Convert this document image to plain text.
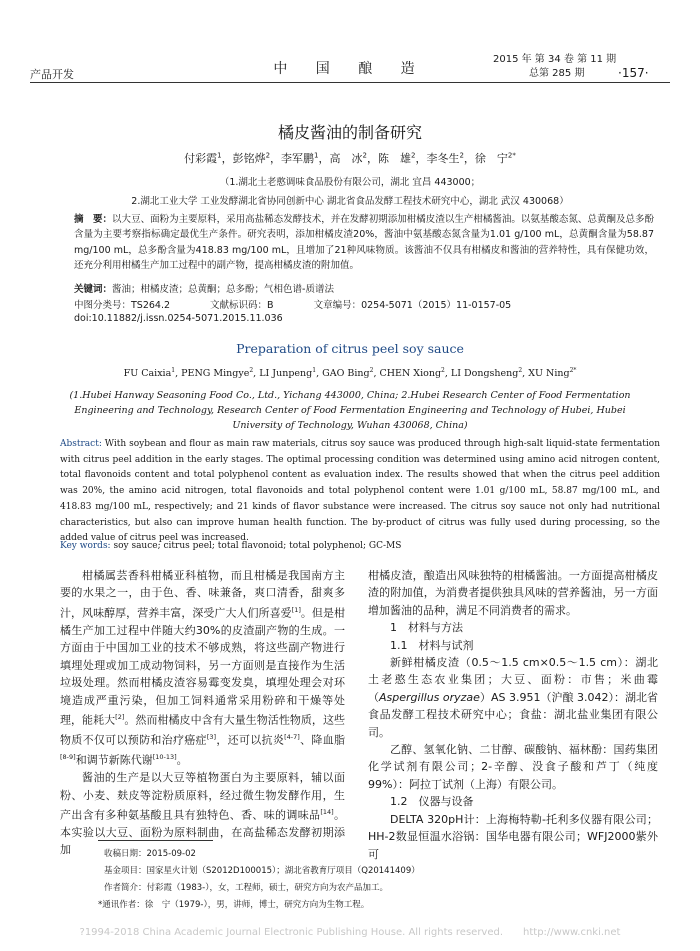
产品开发	中 国 酿 造
2015 年 第 34 卷 第 11 期
总第 285 期	·157·
橘皮酱油的制备研究
付彩霞$^1$，彭铭烨$^2$，李军鹏$^1$，高　冰$^2$，陈　雄$^2$，李冬生$^2$，徐　宁$^{2*}$
（1.湖北土老憨调味食品股份有限公司，湖北 宜昌 443000；
2.湖北工业大学 工业发酵湖北省协同创新中心 湖北省食品发酵工程技术研究中心，湖北 武汉 430068）
摘　要：以大豆、面粉为主要原料，采用高盐稀态发酵技术，并在发酵初期添加柑橘皮渣以生产柑橘酱油。以氨基酸态氮、总黄酮及总多酚含量为主要考察指标确定最优生产条件。研究表明，添加柑橘皮渣20%，酱油中氨基酸态氮含量为1.01 g/100 mL，总黄酮含量为58.87 mg/100 mL，总多酚含量为418.83 mg/100 mL，且增加了21种风味物质。该酱油不仅具有柑橘皮和酱油的营养特性，具有保健功效，还充分利用柑橘生产加工过程中的副产物，提高柑橘皮渣的附加值。
关键词：酱油；柑橘皮渣；总黄酮；总多酚；气相色谱-质谱法
中图分类号：TS264.2	文献标识码：B	文章编号：0254-5071（2015）11-0157-05
doi:10.11882/j.issn.0254-5071.2015.11.036
Preparation of citrus peel soy sauce
FU Caixia$^1$, PENG Mingye$^2$, LI Junpeng$^1$, GAO Bing$^2$, CHEN Xiong$^2$, LI Dongsheng$^2$, XU Ning$^{2*}$
(1.Hubei Hanway Seasoning Food Co., Ltd., Yichang 443000, China; 2.Hubei Research Center of Food Fermentation Engineering and Technology, Research Center of Food Fermentation Engineering and Technology of Hubei, Hubei University of Technology, Wuhan 430068, China)
Abstract: With soybean and flour as main raw materials, citrus soy sauce was produced through high-salt liquid-state fermentation with citrus peel addition in the early stages. The optimal processing condition was determined using amino acid nitrogen content, total flavonoids content and total polyphenol content as evaluation index. The results showed that when the citrus peel addition was 20%, the amino acid nitrogen, total flavonoids and total polyphenol content were 1.01 g/100 mL, 58.87 mg/100 mL, and 418.83 mg/100 mL, respectively; and 21 kinds of flavor substance were increased. The citrus soy sauce not only had nutritional characteristics, but also can improve human health function. The by-product of citrus was fully used during processing, so the added value of citrus peel was increased.
Key words: soy sauce; citrus peel; total flavonoid; total polyphenol; GC-MS

柑橘属芸香科柑橘亚科植物，而且柑橘是我国南方主要的水果之一，由于色、香、味兼备，爽口清香，甜爽多汁，风味醇厚，营养丰富，深受广大人们所喜爱[1]。但是柑橘生产加工过程中伴随大约30%的皮渣副产物的生成。一方面由于中国加工业的技术不够成熟，将这些副产物进行填埋处理或加工成动物饲料，另一方面则是直接作为生活垃圾处理。然而柑橘皮渣容易霉变发臭，填埋处理会对环境造成严重污染，但加工饲料通常采用粉碎和干燥等处理，能耗大[2]。然而柑橘皮中含有大量生物活性物质，这些物质不仅可以预防和治疗癌症[3]，还可以抗炎[4-7]、降血脂[8-9]和调节新陈代谢[10-13]。

酱油的生产是以大豆等植物蛋白为主要原料，辅以面粉、小麦、麸皮等淀粉质原料，经过微生物发酵作用，生产出含有多种氨基酸且具有独特色、香、味的调味品[14]。本实验以大豆、面粉为原料制曲，在高盐稀态发酵初期添加

柑橘皮渣，酿造出风味独特的柑橘酱油。一方面提高柑橘皮渣的附加值，为消费者提供独具风味的营养酱油，另一方面增加酱油的品种，满足不同消费者的需求。

1　材料与方法

1.1　材料与试剂

新鲜柑橘皮渣（0.5～1.5 cm×0.5～1.5 cm）：湖北土老憨生态农业集团；大豆、面粉：市售；米曲霉（Aspergillus oryzae）AS 3.951（沪酿 3.042）：湖北省食品发酵工程技术研究中心；食盐：湖北盐业集团有限公司。

乙醇、氢氧化钠、二甘醇、碳酸钠、福林酚：国药集团化学试剂有限公司；2-辛醇、没食子酸和芦丁（纯度99%）：阿拉丁试剂（上海）有限公司。

1.2　仪器与设备

DELTA 320pH计：上海梅特勒-托利多仪器有限公司；HH-2数显恒温水浴锅：国华电器有限公司；WFJ2000紫外可

收稿日期：2015-09-02
基金项目：国家星火计划（S2012D100015）；湖北省教育厅项目（Q20141409）
作者简介：付彩霞（1983-），女，工程师，硕士，研究方向为农产品加工。
*通讯作者：徐　宁（1979-），男，讲师，博士，研究方向为生物工程。
?1994-2018 China Academic Journal Electronic Publishing House. All rights reserved.　　http://www.cnki.net
